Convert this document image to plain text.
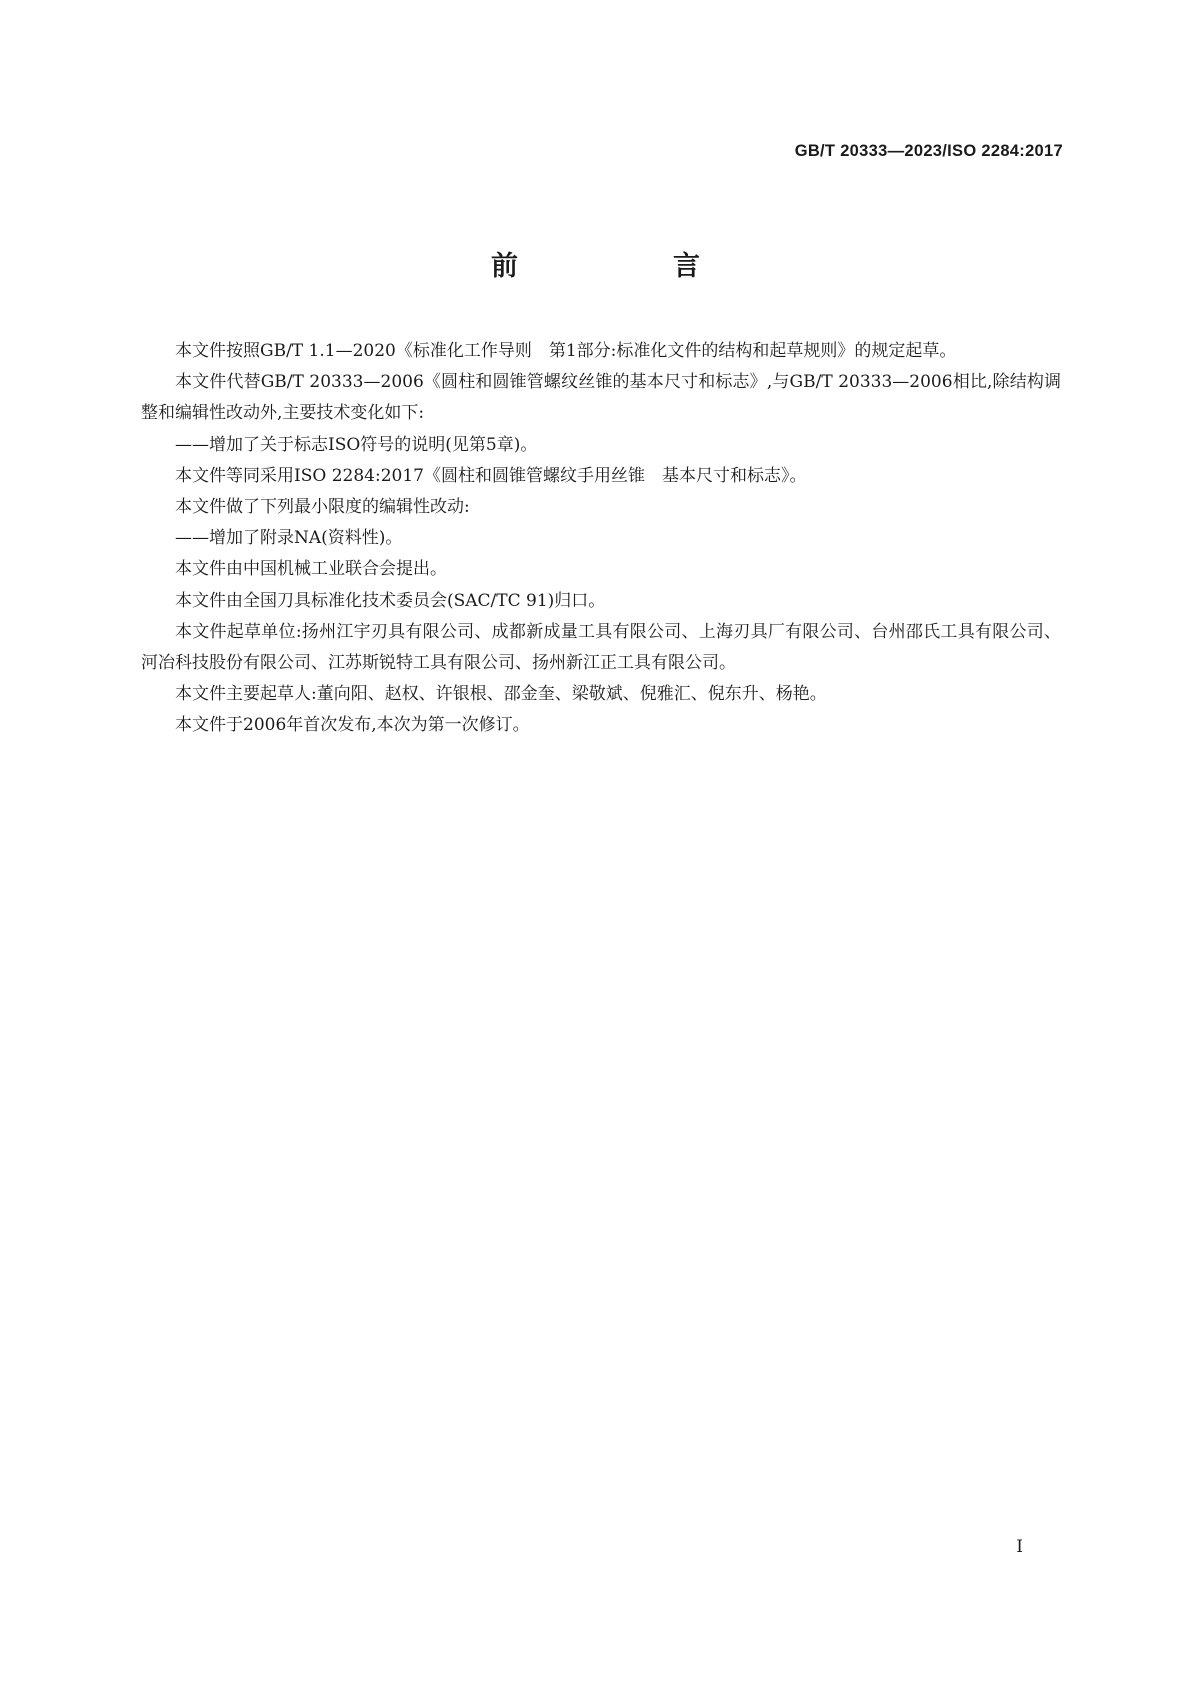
GB/T 20333—2023/ISO 2284:2017
前　言

本文件按照GB/T 1.1—2020《标准化工作导则　第1部分:标准化文件的结构和起草规则》的规定起草。

本文件代替GB/T 20333—2006《圆柱和圆锥管螺纹丝锥的基本尺寸和标志》,与GB/T 20333—2006相比,除结构调整和编辑性改动外,主要技术变化如下:

——增加了关于标志ISO符号的说明(见第5章)。

本文件等同采用ISO 2284:2017《圆柱和圆锥管螺纹手用丝锥　基本尺寸和标志》。

本文件做了下列最小限度的编辑性改动:

——增加了附录NA(资料性)。

本文件由中国机械工业联合会提出。

本文件由全国刀具标准化技术委员会(SAC/TC 91)归口。

本文件起草单位:扬州江宇刃具有限公司、成都新成量工具有限公司、上海刃具厂有限公司、台州邵氏工具有限公司、河冶科技股份有限公司、江苏斯锐特工具有限公司、扬州新江正工具有限公司。

本文件主要起草人:董向阳、赵权、许银根、邵金奎、梁敬斌、倪雅汇、倪东升、杨艳。

本文件于2006年首次发布,本次为第一次修订。

I
